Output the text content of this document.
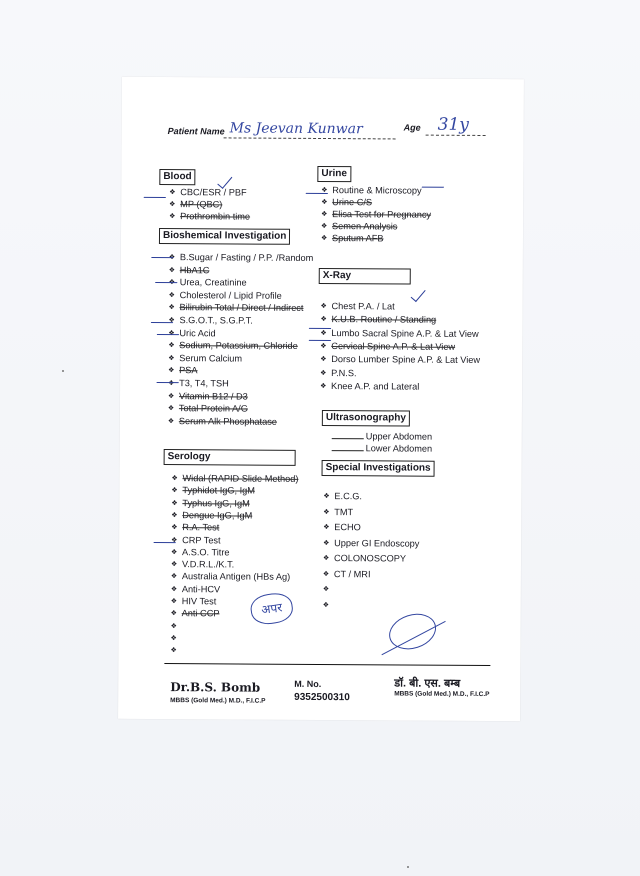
Patient Name Ms Jeevan Kunwar	Age 31y
Blood
Bioshemical Investigation
Serology
Urine
X-Ray
Ultrasonography
Special Investigations
❖ CBC/ESR / PBF
❖ MP (QBC)
❖ Prothrombin time
❖ B.Sugar / Fasting / P.P. /Random
❖ HbA1C
❖ Urea, Creatinine
❖ Cholesterol / Lipid Profile
❖ Bilirubin Total / Direct / Indirect
❖ S.G.O.T., S.G.P.T.
❖ Uric Acid
❖ Sodium, Potassium, Chloride
❖ Serum Calcium
❖ PSA
❖ T3, T4, TSH
❖ Vitamin B12 / D3
❖ Total Protein A/G
❖ Serum Alk Phosphatase
❖ Widal (RAPID Slide Method)
❖ Typhidot IgG, IgM
❖ Typhus IgG, IgM
❖ Dengue IgG, IgM
❖ R.A. Test
❖ CRP Test
❖ A.S.O. Titre
❖ V.D.R.L./K.T.
❖ Australia Antigen (HBs Ag)
❖ Anti-HCV
❖ HIV Test
❖ Anti CCP
❖
❖
❖
❖ Routine & Microscopy
❖ Urine C/S
❖ Elisa Test for Pregnancy
❖ Semen Analysis
❖ Sputum AFB
❖ Chest P.A. / Lat
❖ K.U.B. Routine / Standing
❖ Lumbo Sacral Spine A.P. & Lat View
❖ Cervical Spine A.P. & Lat View
❖ Dorso Lumber Spine A.P. & Lat View
❖ P.N.S.
❖ Knee A.P. and Lateral
❖ E.C.G.
❖ TMT
❖ ECHO
❖ Upper GI Endoscopy
❖ COLONOSCOPY
❖ CT / MRI
❖
❖
Upper Abdomen
Lower Abdomen
अपर
Dr.B.S. Bomb
MBBS (Gold Med.) M.D., F.I.C.P
M. No.
9352500310
डॉ. बी. एस. बम्ब
MBBS (Gold Med.) M.D., F.I.C.P
